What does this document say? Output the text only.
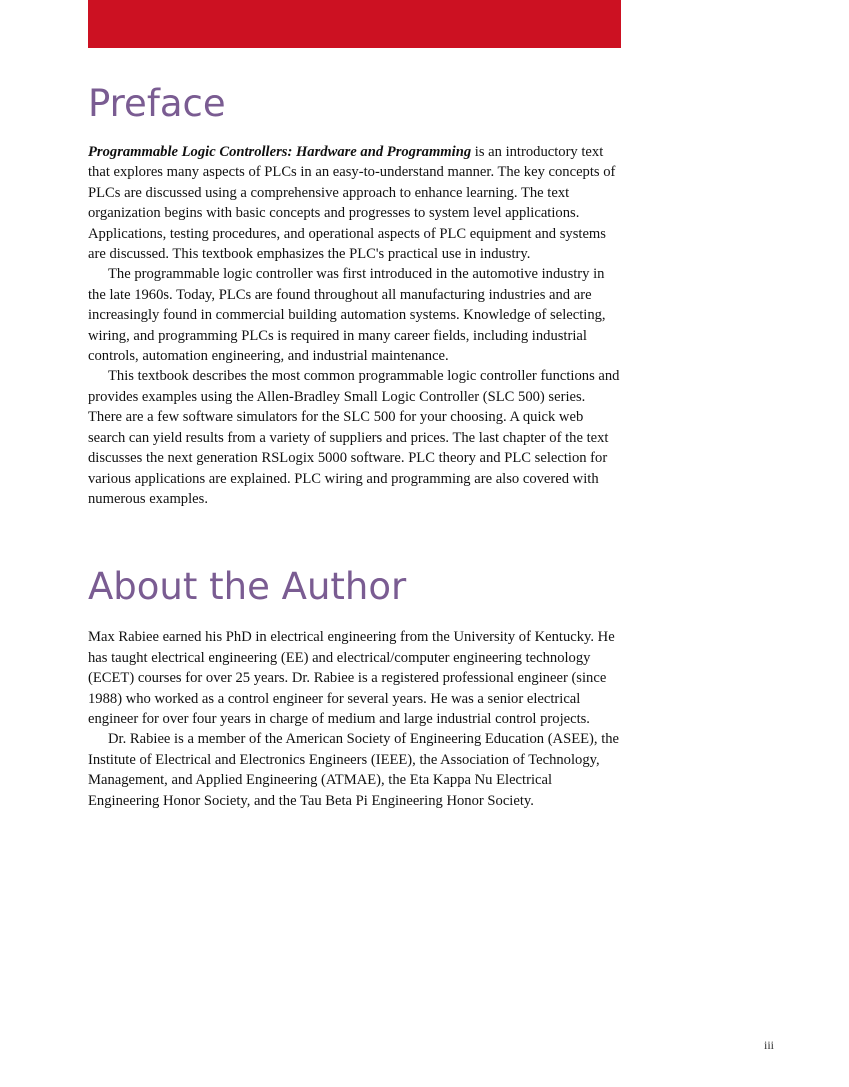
Preface

Programmable Logic Controllers: Hardware and Programming is an introductory text that explores many aspects of PLCs in an easy-to-understand manner. The key concepts of PLCs are discussed using a comprehensive approach to enhance learning. The text organization begins with basic concepts and progresses to system level applications. Applications, testing procedures, and operational aspects of PLC equipment and systems are discussed. This textbook emphasizes the PLC's practical use in industry.

The programmable logic controller was first introduced in the automotive industry in the late 1960s. Today, PLCs are found throughout all manufacturing industries and are increasingly found in commercial building automation systems. Knowledge of selecting, wiring, and programming PLCs is required in many career fields, including industrial controls, automation engineering, and industrial maintenance.

This textbook describes the most common programmable logic controller functions and provides examples using the Allen-Bradley Small Logic Controller (SLC 500) series. There are a few software simulators for the SLC 500 for your choosing. A quick web search can yield results from a variety of suppliers and prices. The last chapter of the text discusses the next generation RSLogix 5000 software. PLC theory and PLC selection for various applications are explained. PLC wiring and programming are also covered with numerous examples.

About the Author

Max Rabiee earned his PhD in electrical engineering from the University of Kentucky. He has taught electrical engineering (EE) and electrical/computer engineering technology (ECET) courses for over 25 years. Dr. Rabiee is a registered professional engineer (since 1988) who worked as a control engineer for several years. He was a senior electrical engineer for over four years in charge of medium and large industrial control projects.

Dr. Rabiee is a member of the American Society of Engineering Education (ASEE), the Institute of Electrical and Electronics Engineers (IEEE), the Association of Technology, Management, and Applied Engineering (ATMAE), the Eta Kappa Nu Electrical Engineering Honor Society, and the Tau Beta Pi Engineering Honor Society.

iii
